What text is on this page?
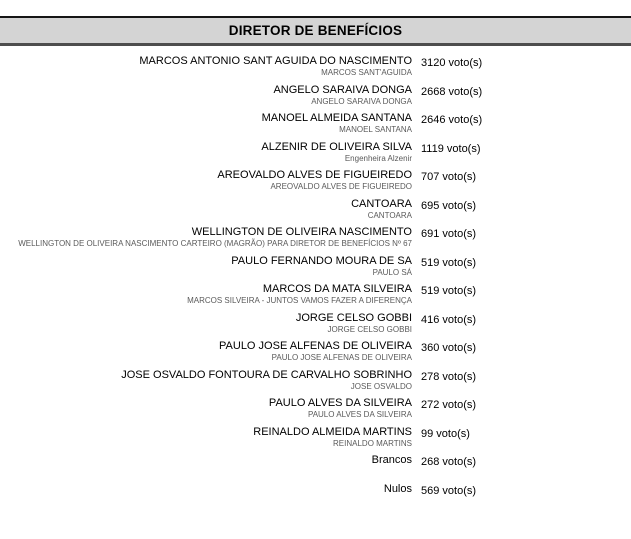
DIRETOR DE BENEFÍCIOS
MARCOS ANTONIO SANT AGUIDA DO NASCIMENTO
MARCOS SANT'AGUIDA
3120 voto(s)
ANGELO SARAIVA DONGA
ANGELO SARAIVA DONGA
2668 voto(s)
MANOEL ALMEIDA SANTANA
MANOEL SANTANA
2646 voto(s)
ALZENIR DE OLIVEIRA SILVA
Engenheira Alzenir
1119 voto(s)
AREOVALDO ALVES DE FIGUEIREDO
AREOVALDO ALVES DE FIGUEIREDO
707 voto(s)
CANTOARA
CANTOARA
695 voto(s)
WELLINGTON DE OLIVEIRA NASCIMENTO
WELLINGTON DE OLIVEIRA NASCIMENTO CARTEIRO (MAGRÃO) PARA DIRETOR DE BENEFÍCIOS Nº 67
691 voto(s)
PAULO FERNANDO MOURA DE SA
PAULO SÁ
519 voto(s)
MARCOS DA MATA SILVEIRA
MARCOS SILVEIRA - JUNTOS VAMOS FAZER A DIFERENÇA
519 voto(s)
JORGE CELSO GOBBI
JORGE CELSO GOBBI
416 voto(s)
PAULO JOSE ALFENAS DE OLIVEIRA
PAULO JOSE ALFENAS DE OLIVEIRA
360 voto(s)
JOSE OSVALDO FONTOURA DE CARVALHO SOBRINHO
JOSE OSVALDO
278 voto(s)
PAULO ALVES DA SILVEIRA
PAULO ALVES DA SILVEIRA
272 voto(s)
REINALDO ALMEIDA MARTINS
REINALDO MARTINS
99 voto(s)
Brancos 268 voto(s)
Nulos 569 voto(s)
